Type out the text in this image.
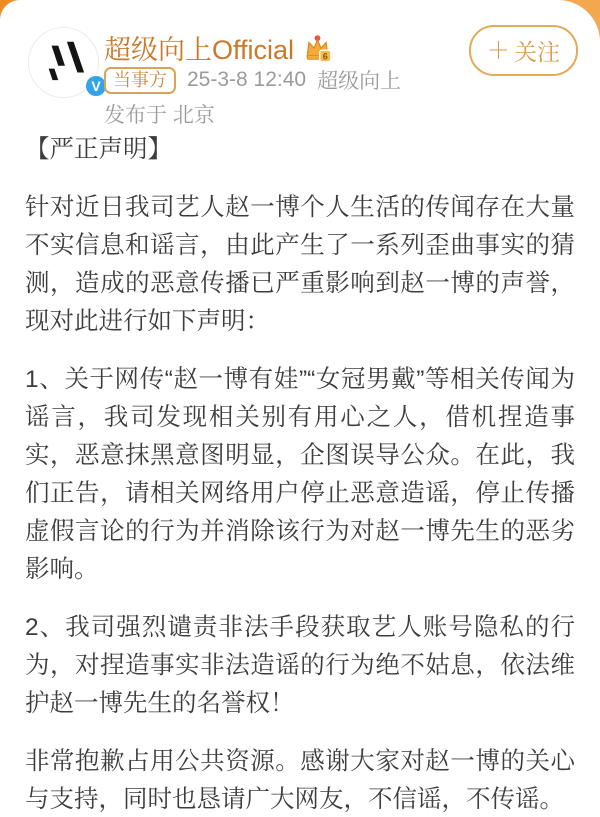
V
超级向上Official	6
当事方 25-3-8 12:40 超级向上
发布于 北京
＋ 关注

【严正声明】

针对近日我司艺人赵一博个人生活的传闻存在大量不实信息和谣言，由此产生了一系列歪曲事实的猜测，造成的恶意传播已严重影响到赵一博的声誉，现对此进行如下声明：

1、关于网传“赵一博有娃”“女冠男戴”等相关传闻为谣言，我司发现相关别有用心之人，借机捏造事实，恶意抹黑意图明显，企图误导公众。在此，我们正告，请相关网络用户停止恶意造谣，停止传播虚假言论的行为并消除该行为对赵一博先生的恶劣影响。

2、我司强烈谴责非法手段获取艺人账号隐私的行为，对捏造事实非法造谣的行为绝不姑息，依法维护赵一博先生的名誉权！

非常抱歉占用公共资源。感谢大家对赵一博的关心与支持，同时也恳请广大网友，不信谣，不传谣。
